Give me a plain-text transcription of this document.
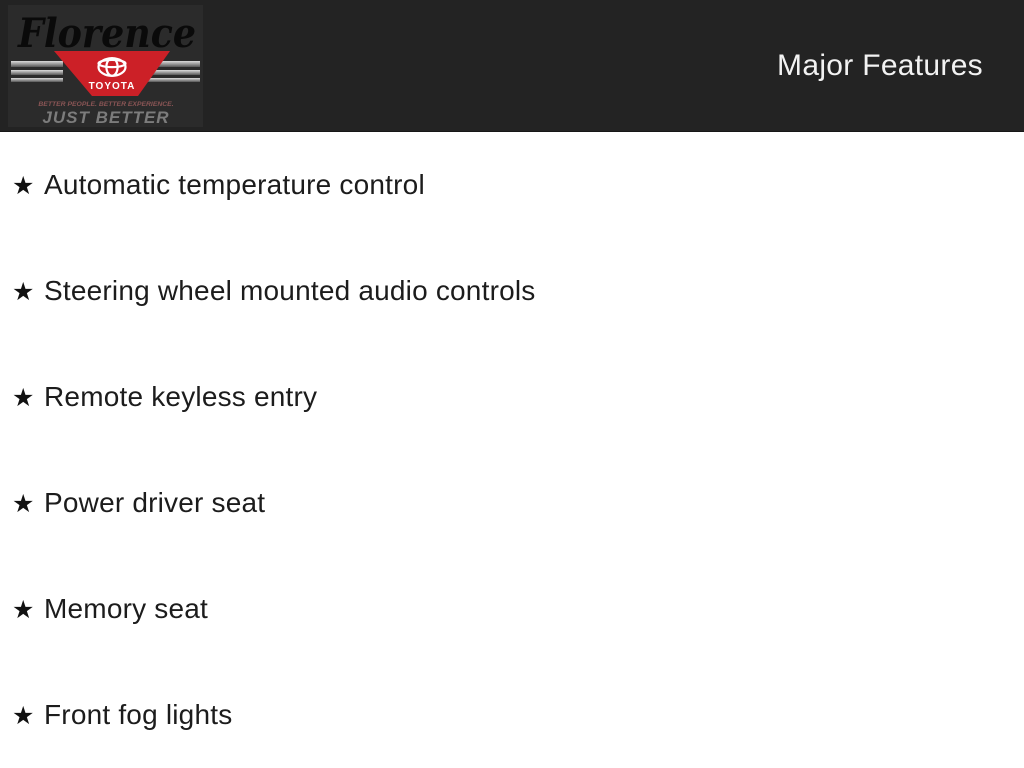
TOYOTA
Florence
BETTER PEOPLE. BETTER EXPERIENCE.
JUST BETTER
Major Features
★ Automatic temperature control
★ Steering wheel mounted audio controls
★ Remote keyless entry
★ Power driver seat
★ Memory seat
★ Front fog lights
